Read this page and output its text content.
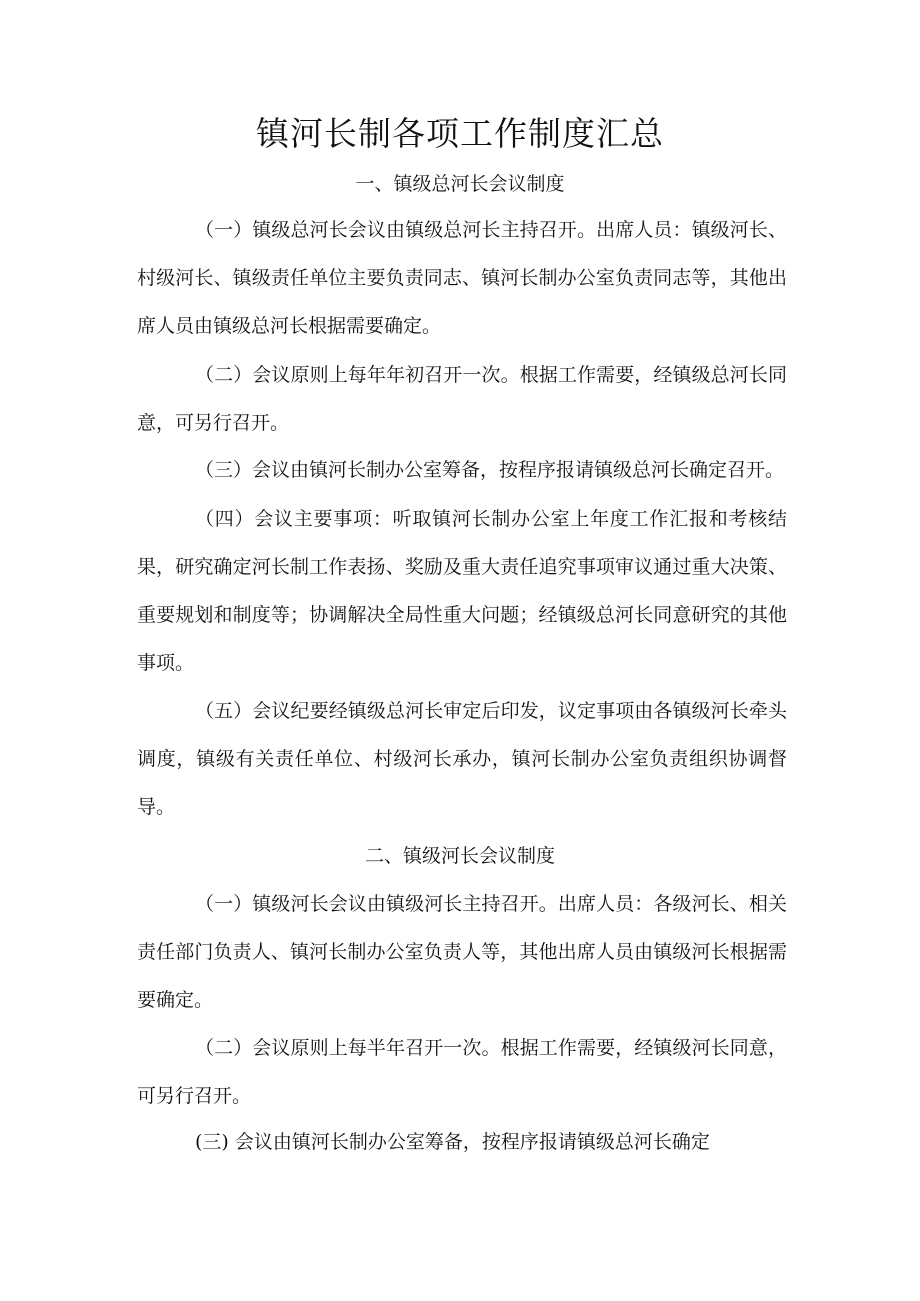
镇河长制各项工作制度汇总
一、镇级总河长会议制度

（一）镇级总河长会议由镇级总河长主持召开。出席人员：镇级河长、村级河长、镇级责任单位主要负责同志、镇河长制办公室负责同志等，其他出席人员由镇级总河长根据需要确定。

（二）会议原则上每年年初召开一次。根据工作需要，经镇级总河长同意，可另行召开。

（三）会议由镇河长制办公室筹备，按程序报请镇级总河长确定召开。

（四）会议主要事项：听取镇河长制办公室上年度工作汇报和考核结果，研究确定河长制工作表扬、奖励及重大责任追究事项审议通过重大决策、重要规划和制度等；协调解决全局性重大问题；经镇级总河长同意研究的其他事项。

（五）会议纪要经镇级总河长审定后印发，议定事项由各镇级河长牵头调度，镇级有关责任单位、村级河长承办，镇河长制办公室负责组织协调督导。

二、镇级河长会议制度

（一）镇级河长会议由镇级河长主持召开。出席人员：各级河长、相关责任部门负责人、镇河长制办公室负责人等，其他出席人员由镇级河长根据需要确定。

（二）会议原则上每半年召开一次。根据工作需要，经镇级河长同意，可另行召开。

(三) 会议由镇河长制办公室筹备，按程序报请镇级总河长确定
